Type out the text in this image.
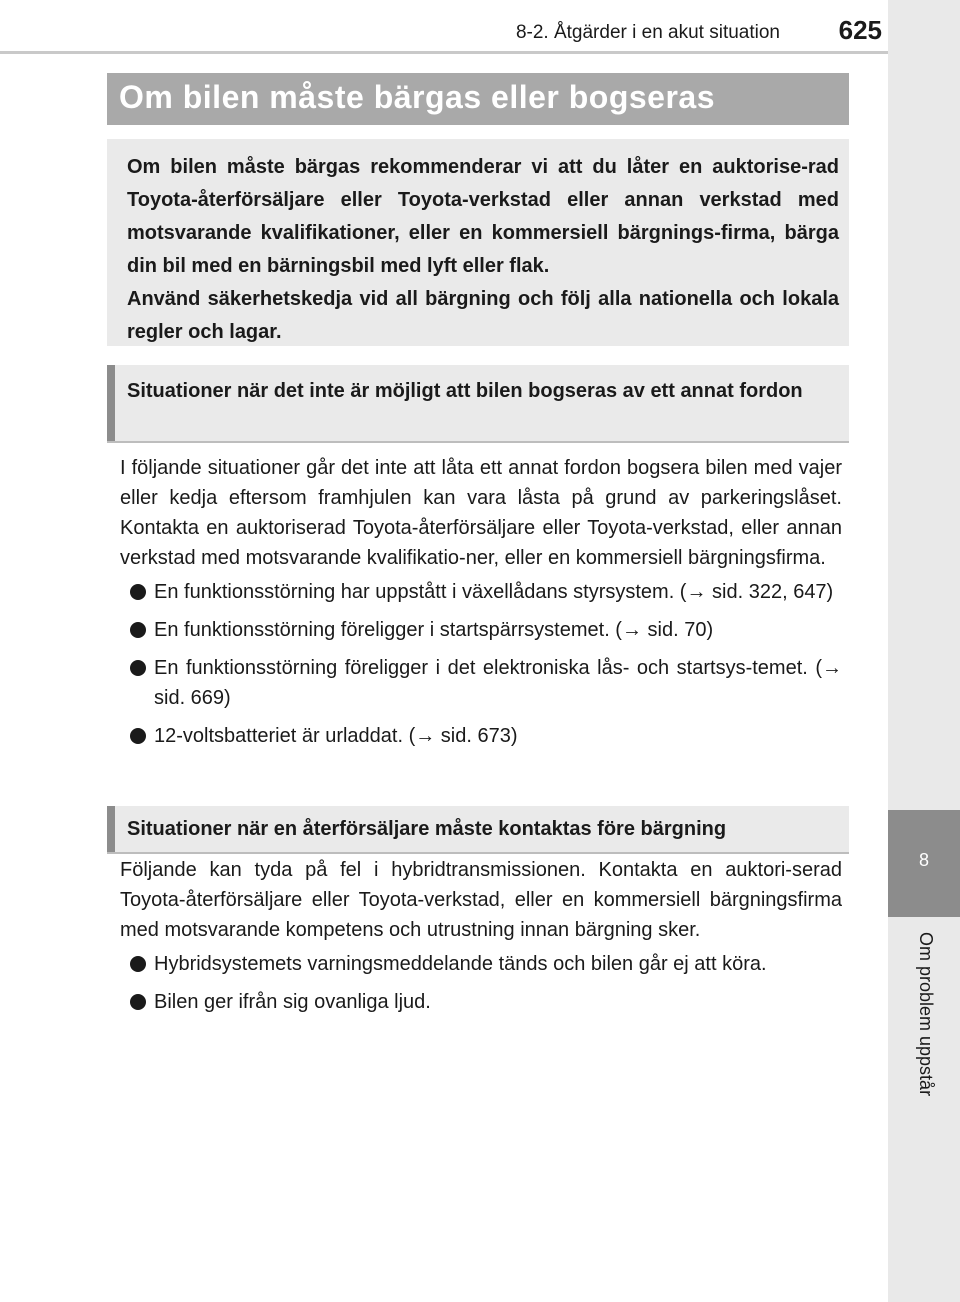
8-2. Åtgärder i en akut situation	625
8
Om problem uppstår
Om bilen måste bärgas eller bogseras

Om bilen måste bärgas rekommenderar vi att du låter en auktorise-rad Toyota-återförsäljare eller Toyota-verkstad eller annan verkstad med motsvarande kvalifikationer, eller en kommersiell bärgnings-firma, bärga din bil med en bärningsbil med lyft eller flak.

Använd säkerhetskedja vid all bärgning och följ alla nationella och lokala regler och lagar.

Situationer när det inte är möjligt att bilen bogseras av ett annat fordon

I följande situationer går det inte att låta ett annat fordon bogsera bilen med vajer eller kedja eftersom framhjulen kan vara låsta på grund av parkeringslåset. Kontakta en auktoriserad Toyota-återförsäljare eller Toyota-verkstad, eller annan verkstad med motsvarande kvalifikatio-ner, eller en kommersiell bärgningsfirma.

En funktionsstörning har uppstått i växellådans styrsystem. (→ sid. 322, 647)
En funktionsstörning föreligger i startspärrsystemet. (→ sid. 70)
En funktionsstörning föreligger i det elektroniska lås- och startsys-temet. (→ sid. 669)
12-voltsbatteriet är urladdat. (→ sid. 673)
Situationer när en återförsäljare måste kontaktas före bärgning

Följande kan tyda på fel i hybridtransmissionen. Kontakta en auktori-serad Toyota-återförsäljare eller Toyota-verkstad, eller en kommersiell bärgningsfirma med motsvarande kompetens och utrustning innan bärgning sker.

Hybridsystemets varningsmeddelande tänds och bilen går ej att köra.
Bilen ger ifrån sig ovanliga ljud.
